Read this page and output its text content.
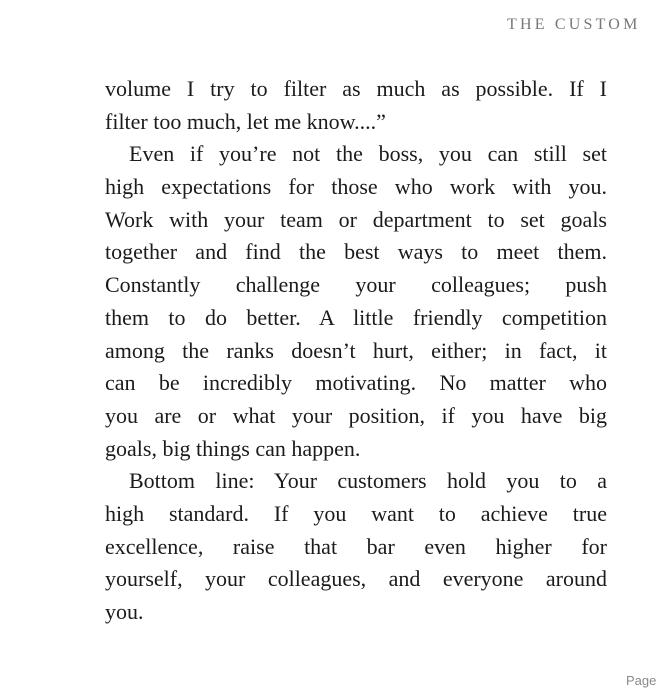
THE CUSTOM
volume I try to filter as much as possible. If I
filter too much, let me know....”
Even if you’re not the boss, you can still set
high expectations for those who work with you.
Work with your team or department to set goals
together and find the best ways to meet them.
Constantly challenge your colleagues; push
them to do better. A little friendly competition
among the ranks doesn’t hurt, either; in fact, it
can be incredibly motivating. No matter who
you are or what your position, if you have big
goals, big things can happen.
Bottom line: Your customers hold you to a
high standard. If you want to achieve true
excellence, raise that bar even higher for
yourself, your colleagues, and everyone around
you.
Page
